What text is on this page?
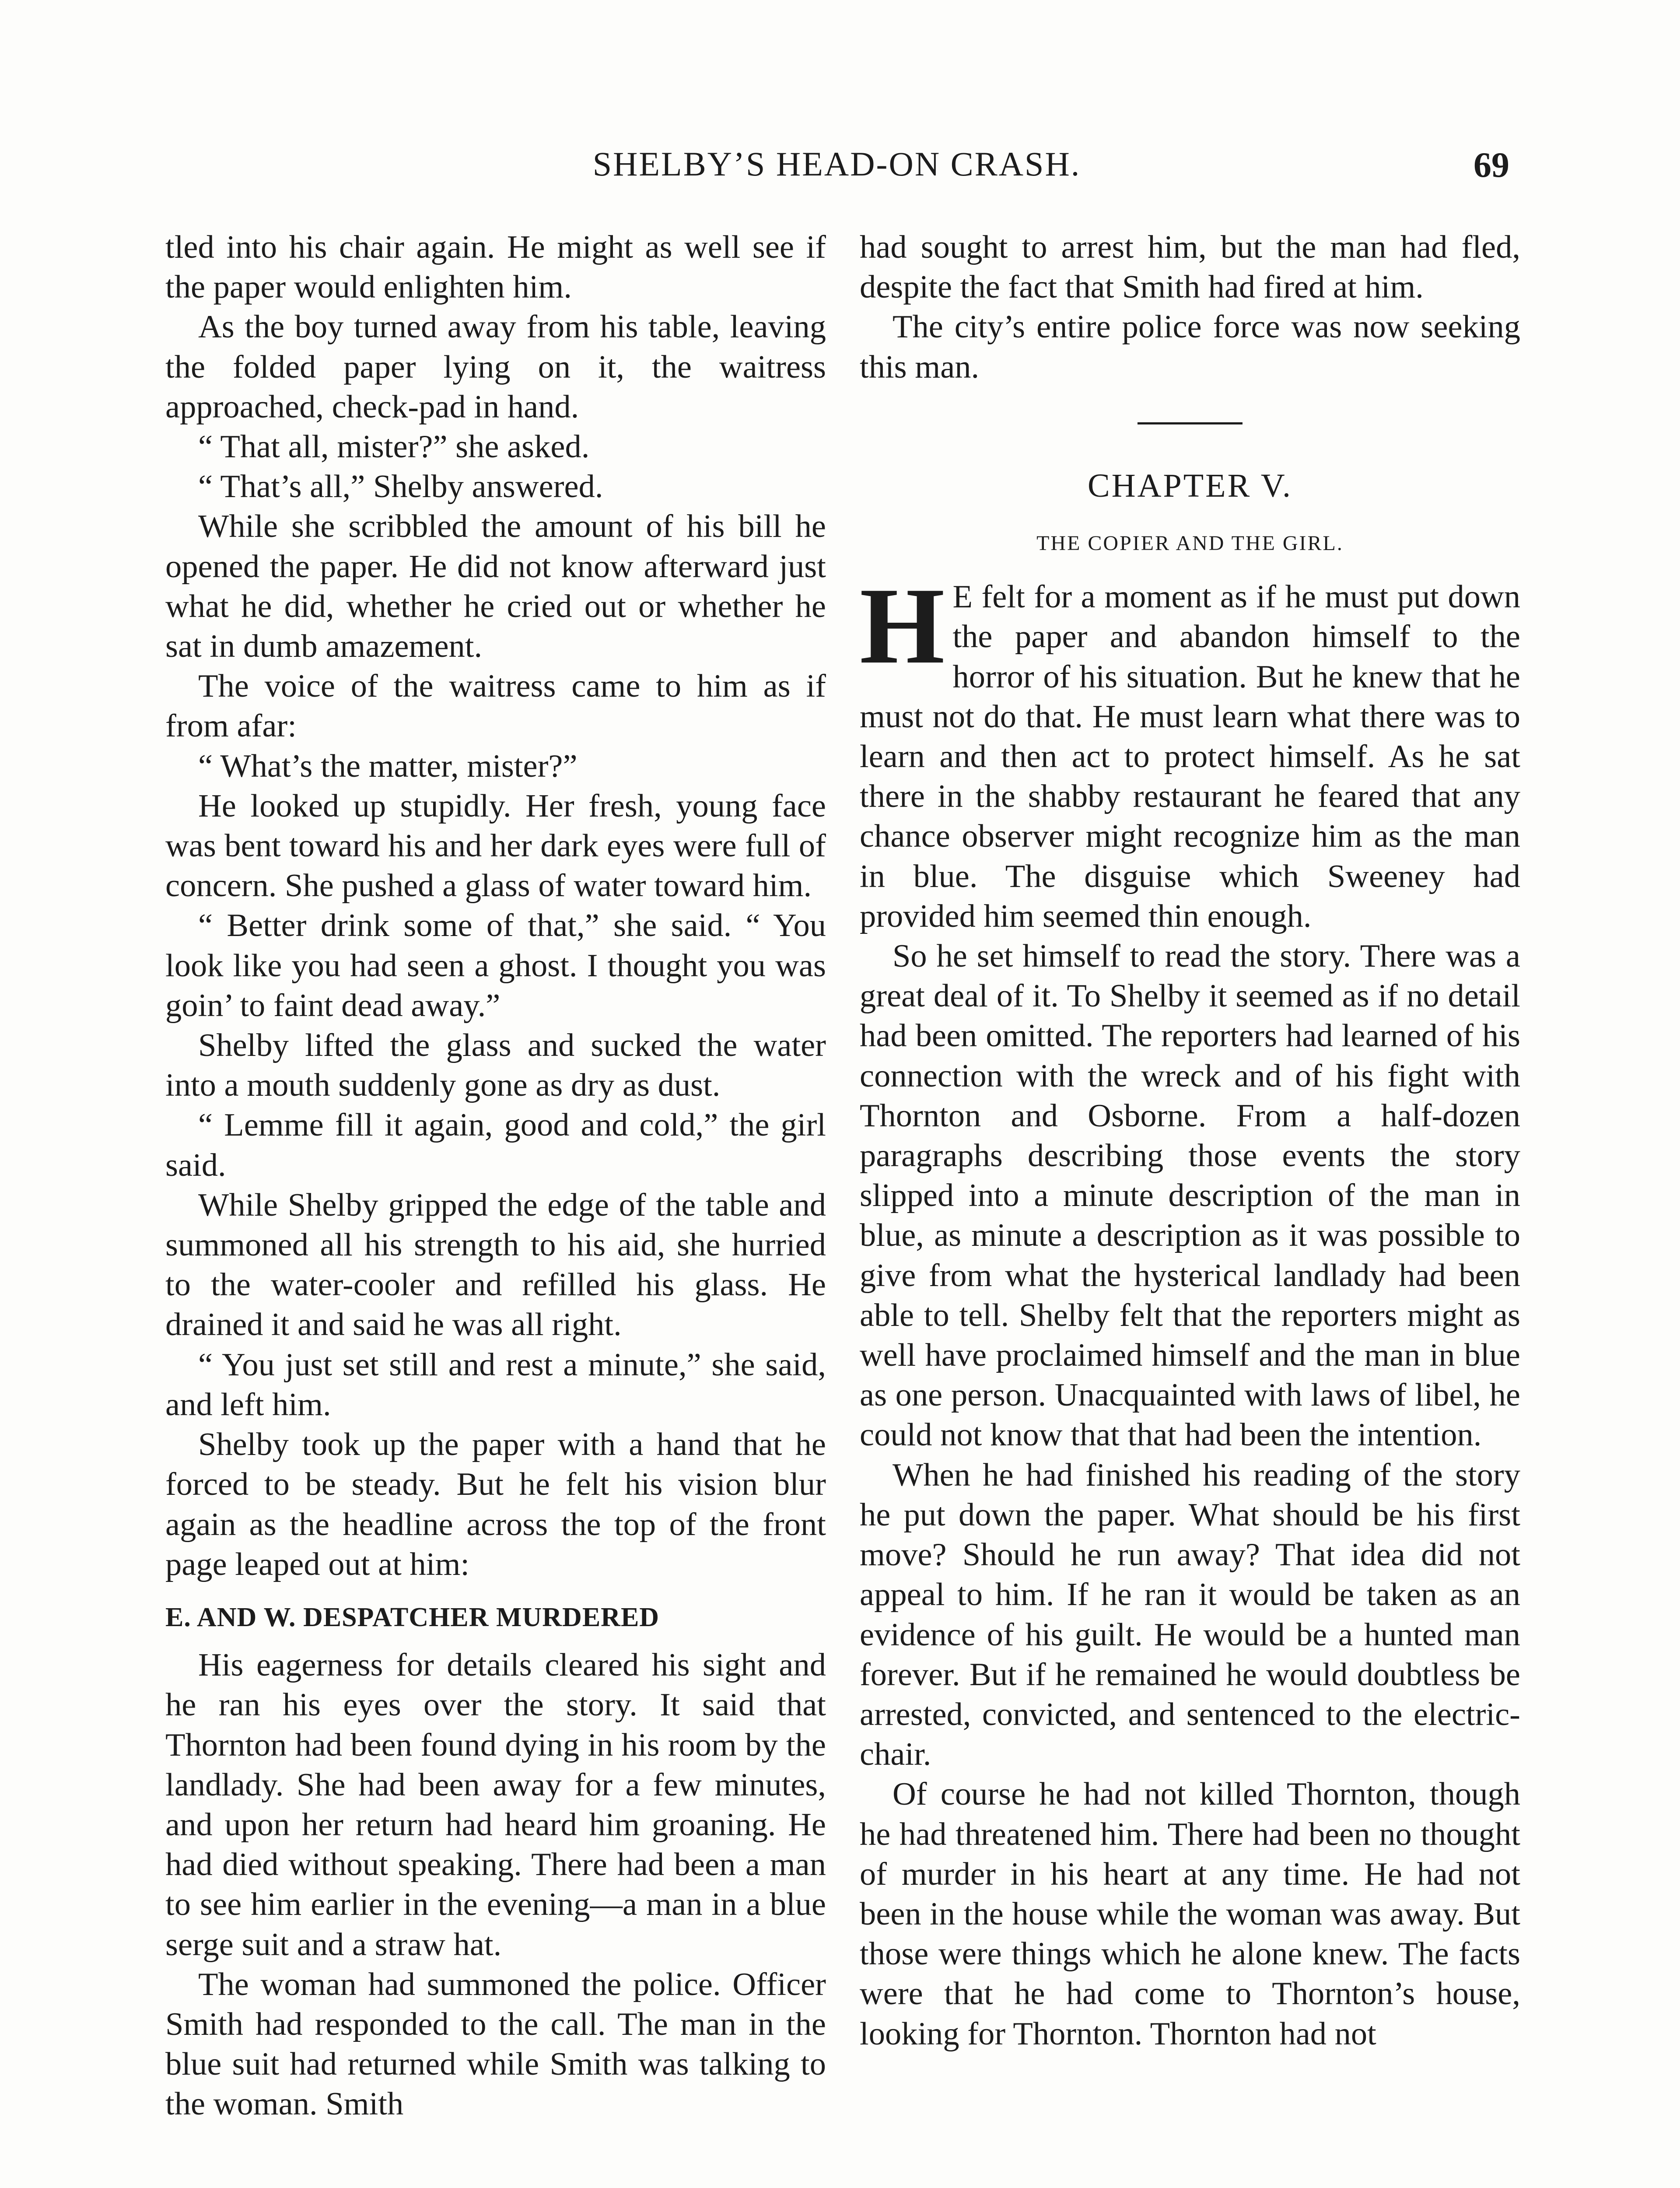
SHELBY’S HEAD-ON CRASH.	69

tled into his chair again. He might as well see if the paper would enlighten him.

As the boy turned away from his table, leaving the folded paper lying on it, the waitress approached, check-pad in hand.

“ That all, mister?” she asked.

“ That’s all,” Shelby answered.

While she scribbled the amount of his bill he opened the paper. He did not know afterward just what he did, whether he cried out or whether he sat in dumb amazement.

The voice of the waitress came to him as if from afar:

“ What’s the matter, mister?”

He looked up stupidly. Her fresh, young face was bent toward his and her dark eyes were full of concern. She pushed a glass of water toward him.

“ Better drink some of that,” she said. “ You look like you had seen a ghost. I thought you was goin’ to faint dead away.”

Shelby lifted the glass and sucked the water into a mouth suddenly gone as dry as dust.

“ Lemme fill it again, good and cold,” the girl said.

While Shelby gripped the edge of the table and summoned all his strength to his aid, she hurried to the water-cooler and refilled his glass. He drained it and said he was all right.

“ You just set still and rest a minute,” she said, and left him.

Shelby took up the paper with a hand that he forced to be steady. But he felt his vision blur again as the headline across the top of the front page leaped out at him:

E. AND W. DESPATCHER MURDERED

His eagerness for details cleared his sight and he ran his eyes over the story. It said that Thornton had been found dying in his room by the landlady. She had been away for a few minutes, and upon her return had heard him groaning. He had died without speaking. There had been a man to see him earlier in the evening—a man in a blue serge suit and a straw hat.

The woman had summoned the police. Officer Smith had responded to the call. The man in the blue suit had returned while Smith was talking to the woman. Smith

had sought to arrest him, but the man had fled, despite the fact that Smith had fired at him.

The city’s entire police force was now seeking this man.

CHAPTER V.

THE COPIER AND THE GIRL.

H E felt for a moment as if he must put down the paper and abandon himself to the horror of his situation. But he knew that he must not do that. He must learn what there was to learn and then act to protect himself. As he sat there in the shabby restaurant he feared that any chance observer might recognize him as the man in blue. The disguise which Sweeney had provided him seemed thin enough.

So he set himself to read the story. There was a great deal of it. To Shelby it seemed as if no detail had been omitted. The reporters had learned of his connection with the wreck and of his fight with Thornton and Osborne. From a half-dozen paragraphs describing those events the story slipped into a minute description of the man in blue, as minute a description as it was possible to give from what the hysterical landlady had been able to tell. Shelby felt that the reporters might as well have proclaimed himself and the man in blue as one person. Unacquainted with laws of libel, he could not know that that had been the intention.

When he had finished his reading of the story he put down the paper. What should be his first move? Should he run away? That idea did not appeal to him. If he ran it would be taken as an evidence of his guilt. He would be a hunted man forever. But if he remained he would doubtless be arrested, convicted, and sentenced to the electric-chair.

Of course he had not killed Thornton, though he had threatened him. There had been no thought of murder in his heart at any time. He had not been in the house while the woman was away. But those were things which he alone knew. The facts were that he had come to Thornton’s house, looking for Thornton. Thornton had not
